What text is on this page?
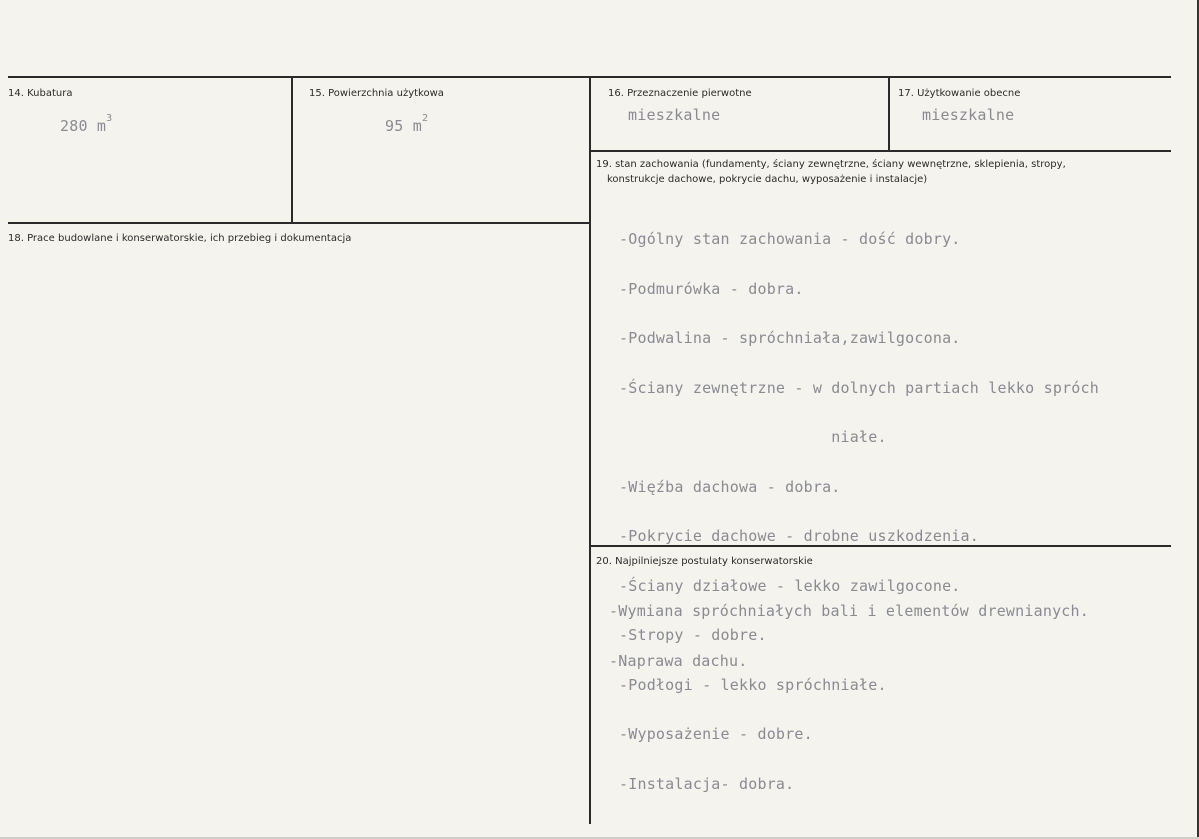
14. Kubatura
280 $m^3$
15. Powierzchnia użytkowa
95 $m^2$
16. Przeznaczenie pierwotne
mieszkalne
17. Użytkowanie obecne
mieszkalne
18. Prace budowlane i konserwatorskie, ich przebieg i dokumentacja
19. stan zachowania (fundamenty, ściany zewnętrzne, ściany wewnętrzne, sklepienia, stropy,
konstrukcje dachowe, pokrycie dachu, wyposażenie i instalacje)

-Ogólny stan zachowania - dość dobry.

-Podmurówka - dobra.

-Podwalina - spróchniała,zawilgocona.

-Ściany zewnętrzne - w dolnych partiach lekko spróch

niałe.

-Więźba dachowa - dobra.

-Pokrycie dachowe - drobne uszkodzenia.

-Ściany działowe - lekko zawilgocone.

-Stropy - dobre.

-Podłogi - lekko spróchniałe.

-Wyposażenie - dobre.

-Instalacja- dobra.

20. Najpilniejsze postulaty konserwatorskie

-Wymiana spróchniałych bali i elementów drewnianych.

-Naprawa dachu.
